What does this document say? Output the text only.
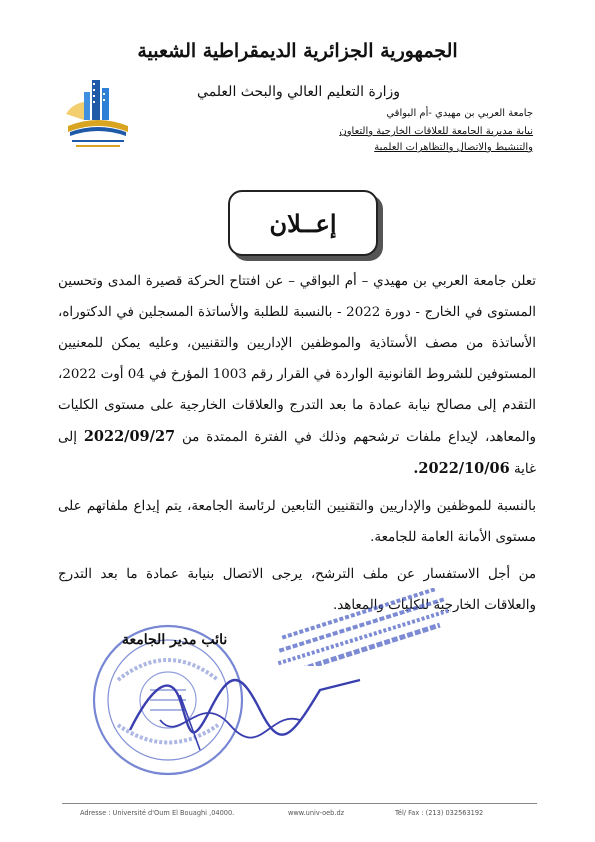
الجمهورية الجزائرية الديمقراطية الشعبية
وزارة التعليم العالي والبحث العلمي
جامعة العربي بن مهيدي -أم البواقي
نيابة مديرية الجامعة للعلاقات الخارجية والتعاون
والتنشيط والاتصال والتظاهرات العلمية
إعــلان

تعلن جامعة العربي بن مهيدي – أم البواقي – عن افتتاح الحركة قصيرة المدى وتحسين المستوى في الخارج - دورة 2022 - بالنسبة للطلبة والأساتذة المسجلين في الدكتوراه، الأساتذة من مصف الأستاذية والموظفين الإداريين والتقنيين، وعليه يمكن للمعنيين المستوفين للشروط القانونية الواردة في القرار رقم 1003 المؤرخ في 04 أوت 2022، التقدم إلى مصالح نيابة عمادة ما بعد التدرج والعلاقات الخارجية على مستوى الكليات والمعاهد، لإيداع ملفات ترشحهم وذلك في الفترة الممتدة من 2022/09/27 إلى غاية 2022/10/06.

بالنسبة للموظفين والإداريين والتقنيين التابعين لرئاسة الجامعة، يتم إيداع ملفاتهم على مستوى الأمانة العامة للجامعة.

من أجل الاستفسار عن ملف الترشح، يرجى الاتصال بنيابة عمادة ما بعد التدرج والعلاقات الخارجية للكليات والمعاهد.

نائب مدير الجامعة
Adresse : Université d'Oum El Bouaghi ,04000.	www.univ-oeb.dz	Tél/ Fax : (213) 032563192
